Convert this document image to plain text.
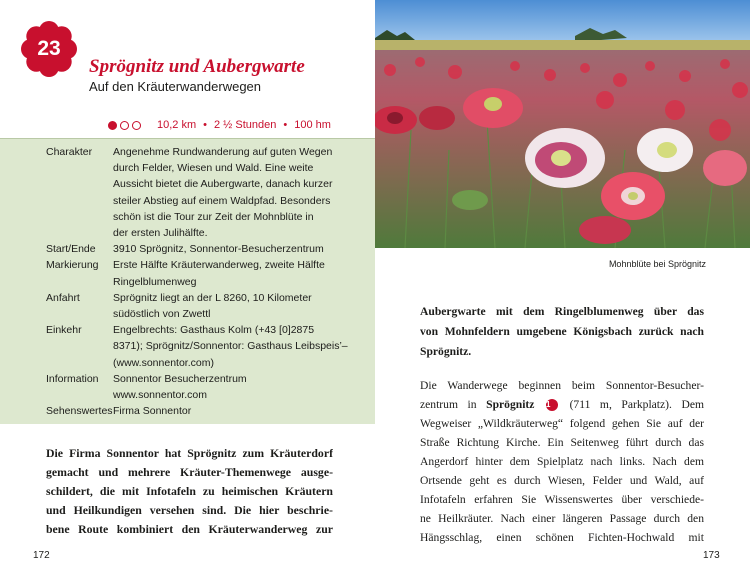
23
Sprögnitz und Aubergwarte
Auf den Kräuterwanderwegen
10,2 km • 2 ½ Stunden • 100 hm
Charakter	Angenehme Rundwanderung auf guten Wegen
durch Felder, Wiesen und Wald. Eine weite
Aussicht bietet die Aubergwarte, danach kurzer
steiler Abstieg auf einem Waldpfad. Besonders
schön ist die Tour zur Zeit der Mohnblüte in
der ersten Julihälfte.
Start/Ende	3910 Sprögnitz, Sonnentor-Besucherzentrum
Markierung	Erste Hälfte Kräuterwanderweg, zweite Hälfte
Ringelblumenweg
Anfahrt	Sprögnitz liegt an der L 8260, 10 Kilometer
südöstlich von Zwettl
Einkehr	Engelbrechts: Gasthaus Kolm (+43 [0]2875
8371); Sprögnitz/Sonnentor: Gasthaus Leibspeis’–
(www.sonnentor.com)
Information	Sonnentor Besucherzentrum
www.sonnentor.com
Sehenswertes Firma Sonnentor
Die Firma Sonnentor hat Sprögnitz zum Kräuterdorf
gemacht und mehrere Kräuter-Themenwege ausge-
schildert, die mit Infotafeln zu heimischen Kräutern
und Heilkundigen versehen sind. Die hier beschrie-
bene Route kombiniert den Kräuterwanderweg zur
172
Mohnblüte bei Sprögnitz
Aubergwarte mit dem Ringelblumenweg über das
von Mohnfeldern umgebene Königsbach zurück nach
Sprögnitz.
Die Wanderwege beginnen beim Sonnentor-Besucher-
zentrum in Sprögnitz 1 (711 m, Parkplatz). Dem
Wegweiser „Wildkräuterweg“ folgend gehen Sie auf der
Straße Richtung Kirche. Ein Seitenweg führt durch das
Angerdorf hinter dem Spielplatz nach links. Nach dem
Ortsende geht es durch Wiesen, Felder und Wald, auf
Infotafeln erfahren Sie Wissenswertes über verschiede-
ne Heilkräuter. Nach einer längeren Passage durch den
Hängsschlag, einen schönen Fichten-Hochwald mit
173
